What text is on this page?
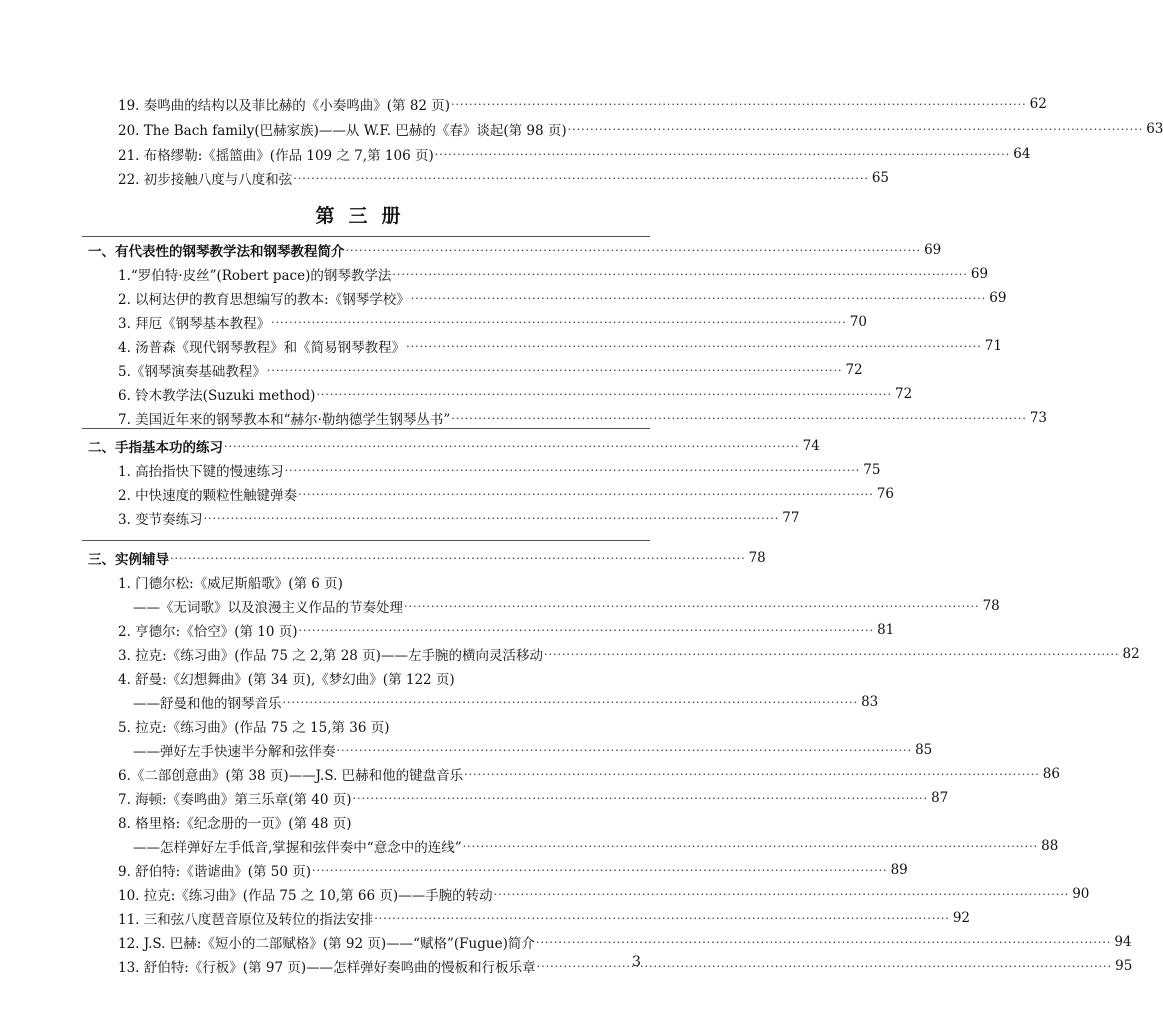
19. 奏鸣曲的结构以及菲比赫的《小奏鸣曲》(第 82 页) ·····	62
20. The Bach family(巴赫家族)——从 W.F. 巴赫的《春》谈起(第 98 页) ·····	63
21. 布格缪勒:《摇篮曲》(作品 109 之 7,第 106 页) ·····	64
22. 初步接触八度与八度和弦 ·····	65
第三册
一、有代表性的钢琴教学法和钢琴教程简介 ·····	69
1.“罗伯特·皮丝”(Robert pace)的钢琴教学法 ·····	69
2. 以柯达伊的教育思想编写的教本:《钢琴学校》 ·····	69
3. 拜厄《钢琴基本教程》 ·····	70
4. 汤普森《现代钢琴教程》和《简易钢琴教程》 ·····	71
5.《钢琴演奏基础教程》 ·····	72
6. 铃木教学法(Suzuki method) ·····	72
7. 美国近年来的钢琴教本和“赫尔·勒纳德学生钢琴丛书” ·····	73
二、手指基本功的练习 ·····	74
1. 高抬指快下键的慢速练习 ·····	75
2. 中快速度的颗粒性触键弹奏 ·····	76
3. 变节奏练习 ·····	77
三、实例辅导 ·····	78
1. 门德尔松:《威尼斯船歌》(第 6 页)
——《无词歌》以及浪漫主义作品的节奏处理 ·····	78
2. 亨德尔:《恰空》(第 10 页) ·····	81
3. 拉克:《练习曲》(作品 75 之 2,第 28 页)——左手腕的横向灵活移动 ·····	82
4. 舒曼:《幻想舞曲》(第 34 页),《梦幻曲》(第 122 页)
——舒曼和他的钢琴音乐 ·····	83
5. 拉克:《练习曲》(作品 75 之 15,第 36 页)
——弹好左手快速半分解和弦伴奏 ·····	85
6.《二部创意曲》(第 38 页)——J.S. 巴赫和他的键盘音乐 ·····	86
7. 海顿:《奏鸣曲》第三乐章(第 40 页) ·····	87
8. 格里格:《纪念册的一页》(第 48 页)
——怎样弹好左手低音,掌握和弦伴奏中“意念中的连线” ·····	88
9. 舒伯特:《谐谑曲》(第 50 页) ·····	89
10. 拉克:《练习曲》(作品 75 之 10,第 66 页)——手腕的转动 ·····	90
11. 三和弦八度琶音原位及转位的指法安排 ·····	92
12. J.S. 巴赫:《短小的二部赋格》(第 92 页)——“赋格”(Fugue)简介 ·····	94
13. 舒伯特:《行板》(第 97 页)——怎样弹好奏鸣曲的慢板和行板乐章 ·····	95
3
